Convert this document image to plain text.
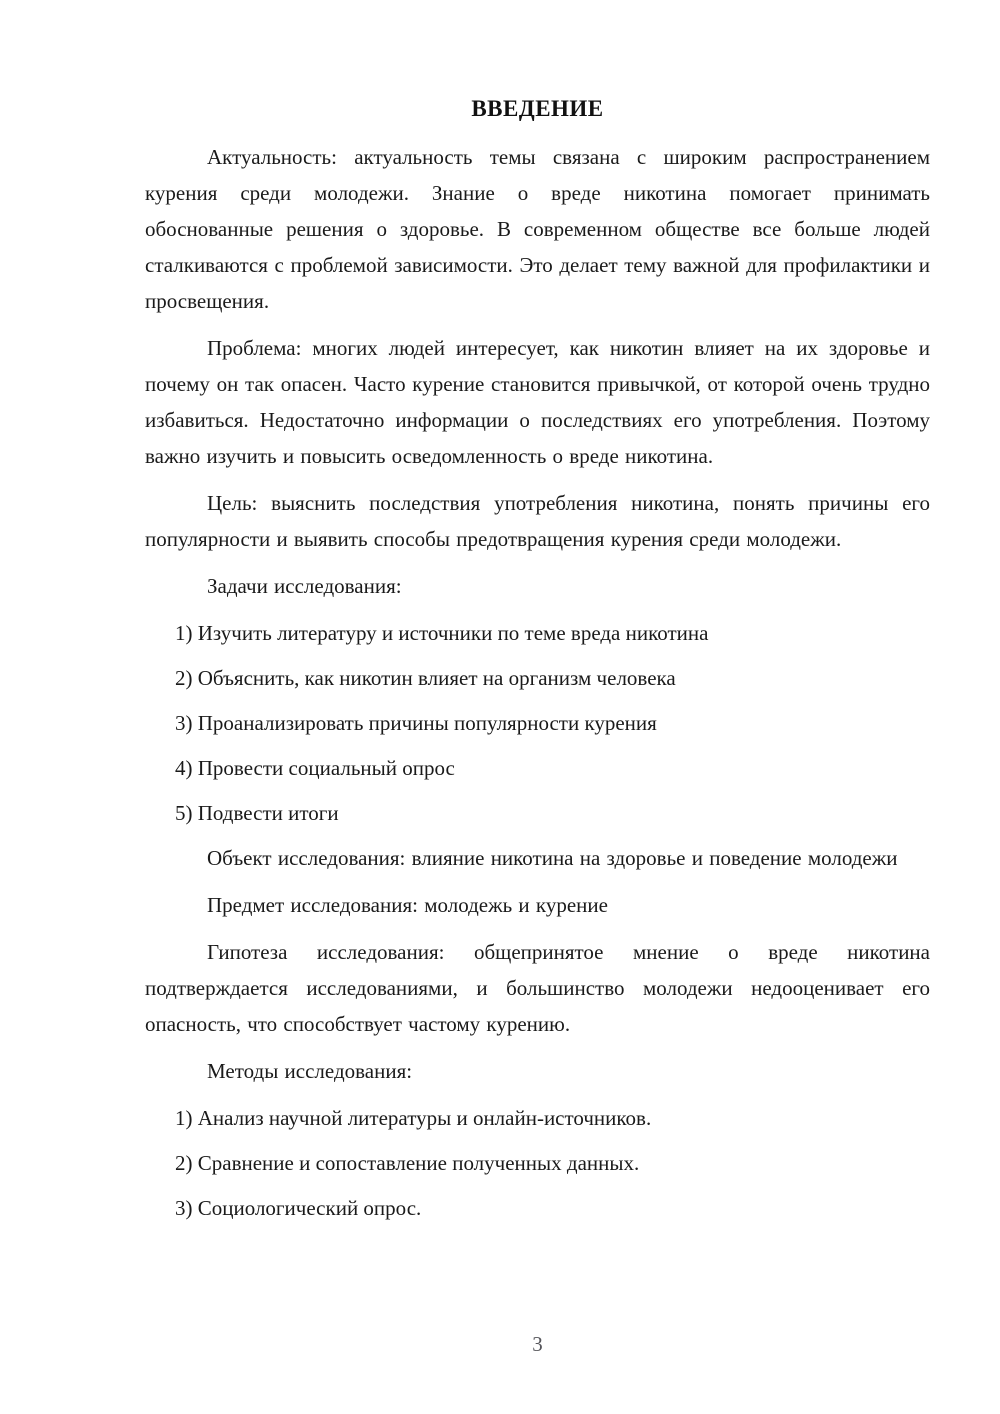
ВВЕДЕНИЕ

Актуальность: актуальность темы связана с широким распространением курения среди молодежи. Знание о вреде никотина помогает принимать обоснованные решения о здоровье. В современном обществе все больше людей сталкиваются с проблемой зависимости. Это делает тему важной для профилактики и просвещения.

Проблема: многих людей интересует, как никотин влияет на их здоровье и почему он так опасен. Часто курение становится привычкой, от которой очень трудно избавиться. Недостаточно информации о последствиях его употребления. Поэтому важно изучить и повысить осведомленность о вреде никотина.

Цель: выяснить последствия употребления никотина, понять причины его популярности и выявить способы предотвращения курения среди молодежи.

Задачи исследования:

1) Изучить литературу и источники по теме вреда никотина
2) Объяснить, как никотин влияет на организм человека
3) Проанализировать причины популярности курения
4) Провести социальный опрос
5) Подвести итоги

Объект исследования: влияние никотина на здоровье и поведение молодежи

Предмет исследования: молодежь и курение

Гипотеза исследования: общепринятое мнение о вреде никотина подтверждается исследованиями, и большинство молодежи недооценивает его опасность, что способствует частому курению.

Методы исследования:

1) Анализ научной литературы и онлайн-источников.
2) Сравнение и сопоставление полученных данных.
3) Социологический опрос.
3
